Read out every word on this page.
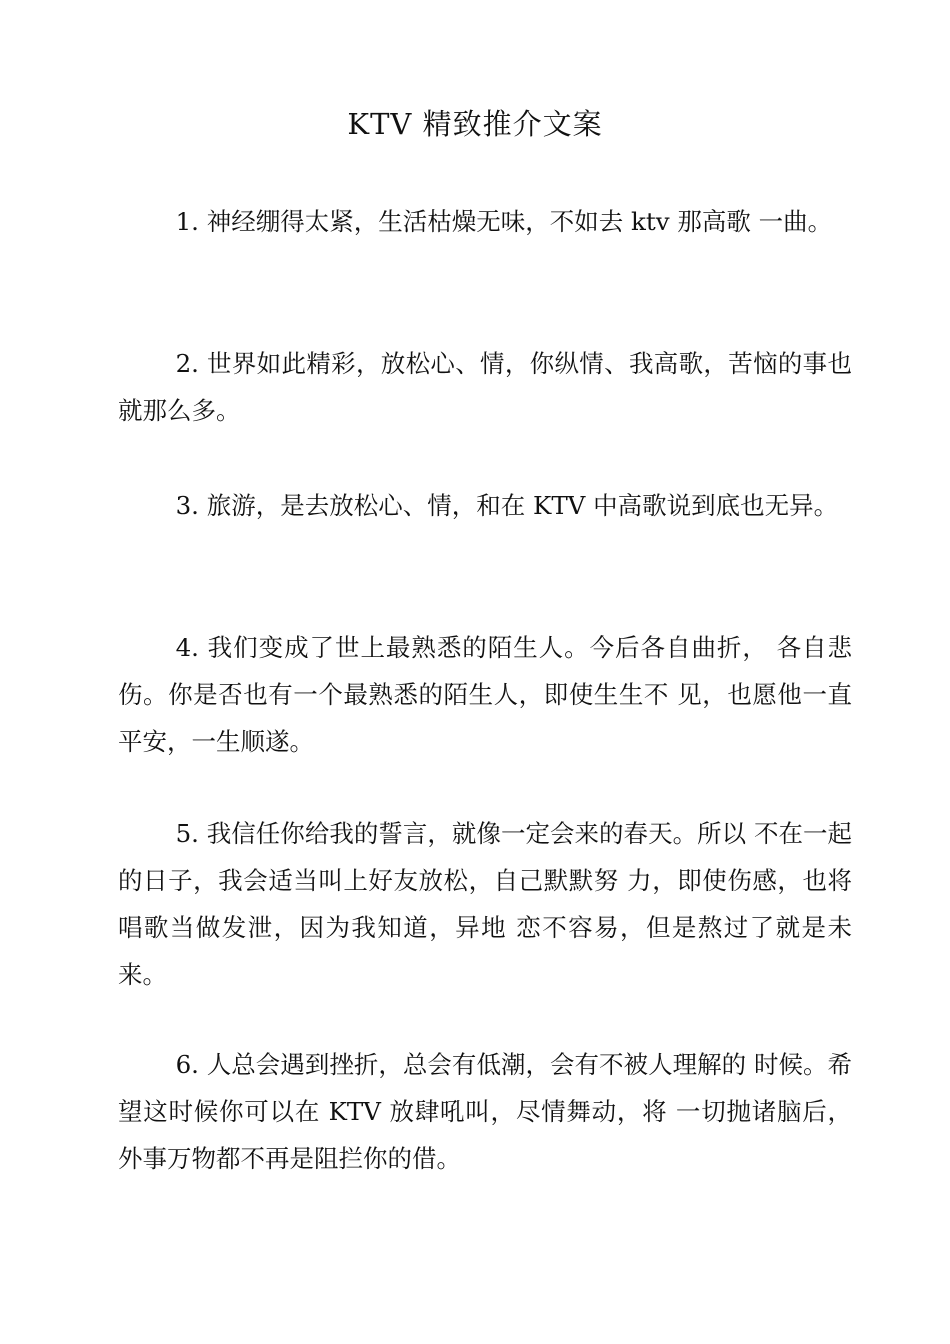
KTV 精致推介文案

1. 神经绷得太紧，生活枯燥无味，不如去 ktv 那高歌 一曲。

2. 世界如此精彩，放松心、情，你纵情、我高歌，苦恼的事也就那么多。

3. 旅游，是去放松心、情，和在 KTV 中高歌说到底也无异。

4. 我们变成了世上最熟悉的陌生人。今后各自曲折， 各自悲伤。你是否也有一个最熟悉的陌生人，即使生生不 见，也愿他一直平安，一生顺遂。

5. 我信任你给我的誓言，就像一定会来的春天。所以 不在一起的日子，我会适当叫上好友放松，自己默默努 力，即使伤感，也将唱歌当做发泄，因为我知道，异地 恋不容易，但是熬过了就是未来。

6. 人总会遇到挫折，总会有低潮，会有不被人理解的 时候。希望这时候你可以在 KTV 放肆吼叫，尽情舞动，将 一切抛诸脑后，外事万物都不再是阻拦你的借。
